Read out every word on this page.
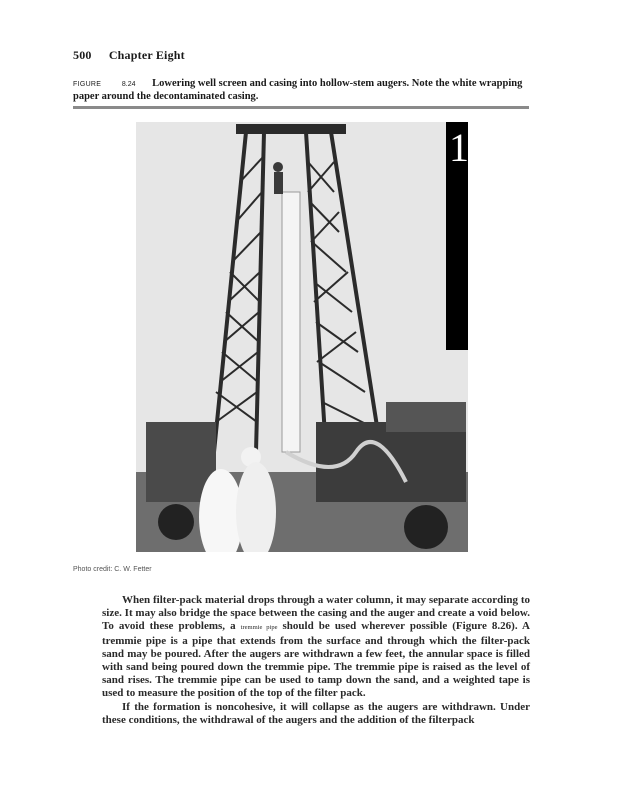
500 Chapter Eight
FIGURE	8.24 Lowering well screen and casing into hollow-stem augers. Note the white wrapping paper around the decontaminated casing.
1
Photo credit: C. W. Fetter

When filter-pack material drops through a water column, it may separate according to size. It may also bridge the space between the casing and the auger and create a void below. To avoid these problems, a tremmie pipe should be used wherever possible (Figure 8.26). A tremmie pipe is a pipe that extends from the surface and through which the filter-pack sand may be poured. After the augers are withdrawn a few feet, the annular space is filled with sand being poured down the tremmie pipe. The tremmie pipe is raised as the level of sand rises. The tremmie pipe can be used to tamp down the sand, and a weighted tape is used to measure the position of the top of the filter pack.

If the formation is noncohesive, it will collapse as the augers are withdrawn. Under these conditions, the withdrawal of the augers and the addition of the filterpack
